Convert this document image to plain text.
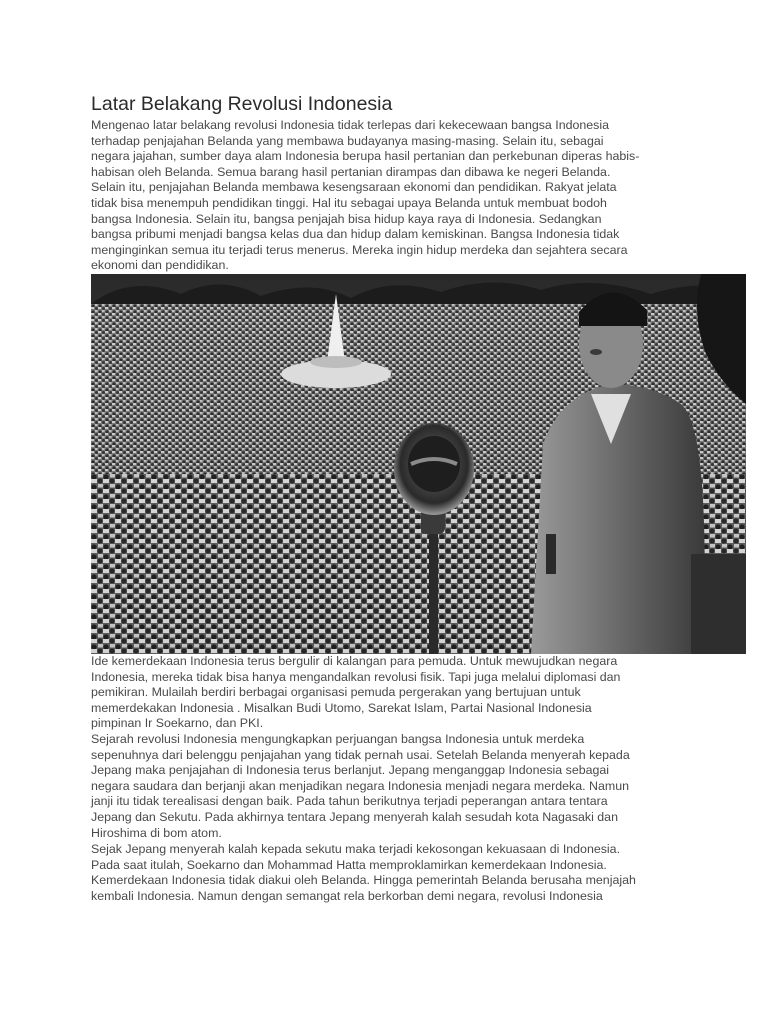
Latar Belakang Revolusi Indonesia

Mengenao latar belakang revolusi Indonesia tidak terlepas dari kekecewaan bangsa Indonesia
terhadap penjajahan Belanda yang membawa budayanya masing-masing. Selain itu, sebagai
negara jajahan, sumber daya alam Indonesia berupa hasil pertanian dan perkebunan diperas habis-
habisan oleh Belanda. Semua barang hasil pertanian dirampas dan dibawa ke negeri Belanda.
Selain itu, penjajahan Belanda membawa kesengsaraan ekonomi dan pendidikan. Rakyat jelata
tidak bisa menempuh pendidikan tinggi. Hal itu sebagai upaya Belanda untuk membuat bodoh
bangsa Indonesia. Selain itu, bangsa penjajah bisa hidup kaya raya di Indonesia. Sedangkan
bangsa pribumi menjadi bangsa kelas dua dan hidup dalam kemiskinan. Bangsa Indonesia tidak
menginginkan semua itu terjadi terus menerus. Mereka ingin hidup merdeka dan sejahtera secara
ekonomi dan pendidikan.

Ide kemerdekaan Indonesia terus bergulir di kalangan para pemuda. Untuk mewujudkan negara
Indonesia, mereka tidak bisa hanya mengandalkan revolusi fisik. Tapi juga melalui diplomasi dan
pemikiran. Mulailah berdiri berbagai organisasi pemuda pergerakan yang bertujuan untuk
memerdekakan Indonesia . Misalkan Budi Utomo, Sarekat Islam, Partai Nasional Indonesia
pimpinan Ir Soekarno, dan PKI.

Sejarah revolusi Indonesia mengungkapkan perjuangan bangsa Indonesia untuk merdeka
sepenuhnya dari belenggu penjajahan yang tidak pernah usai. Setelah Belanda menyerah kepada
Jepang maka penjajahan di Indonesia terus berlanjut. Jepang menganggap Indonesia sebagai
negara saudara dan berjanji akan menjadikan negara Indonesia menjadi negara merdeka. Namun
janji itu tidak terealisasi dengan baik. Pada tahun berikutnya terjadi peperangan antara tentara
Jepang dan Sekutu. Pada akhirnya tentara Jepang menyerah kalah sesudah kota Nagasaki dan
Hiroshima di bom atom.

Sejak Jepang menyerah kalah kepada sekutu maka terjadi kekosongan kekuasaan di Indonesia.
Pada saat itulah, Soekarno dan Mohammad Hatta memproklamirkan kemerdekaan Indonesia.
Kemerdekaan Indonesia tidak diakui oleh Belanda. Hingga pemerintah Belanda berusaha menjajah
kembali Indonesia. Namun dengan semangat rela berkorban demi negara, revolusi Indonesia
